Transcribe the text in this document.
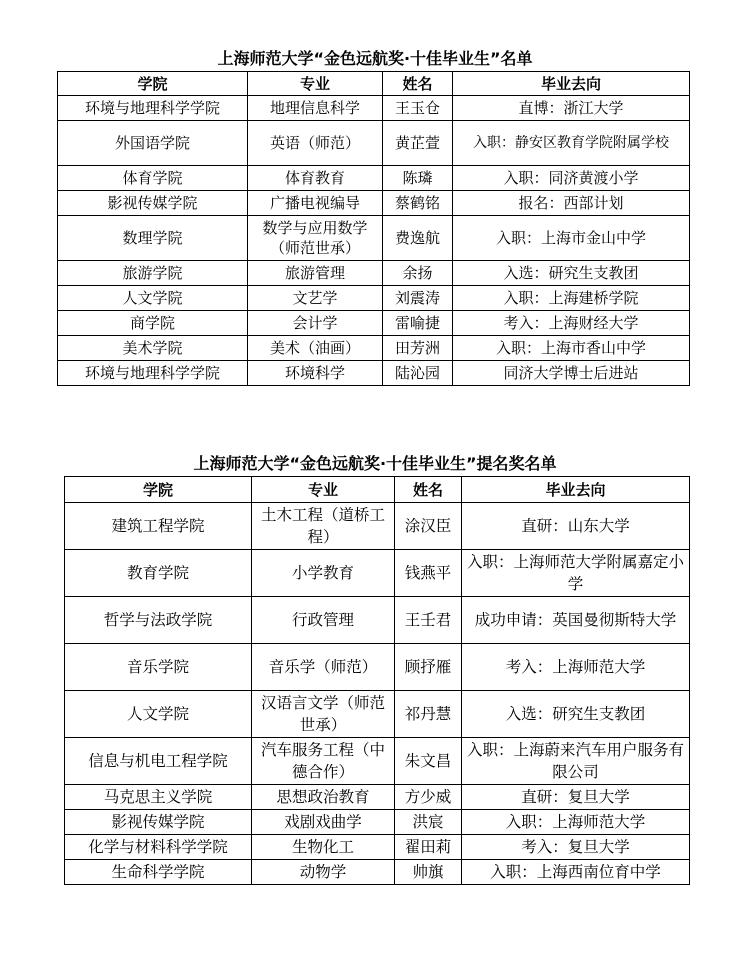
上海师范大学“金色远航奖·十佳毕业生”名单
学院	专业	姓名	毕业去向
环境与地理科学学院	地理信息科学	王玉仓	直博：浙江大学
外国语学院	英语（师范）	黄芷萱	入职：静安区教育学院附属学校
体育学院	体育教育	陈璘	入职：同济黄渡小学
影视传媒学院	广播电视编导	蔡鹤铭	报名：西部计划
数理学院	数学与应用数学（师范世承）	费逸航	入职：上海市金山中学
旅游学院	旅游管理	余扬	入选：研究生支教团
人文学院	文艺学	刘震涛	入职：上海建桥学院
商学院	会计学	雷喻捷	考入：上海财经大学
美术学院	美术（油画）	田芳洲	入职：上海市香山中学
环境与地理科学学院	环境科学	陆沁园	同济大学博士后进站
上海师范大学“金色远航奖·十佳毕业生”提名奖名单
学院	专业	姓名	毕业去向
建筑工程学院	土木工程（道桥工程）	涂汉臣	直研：山东大学
教育学院	小学教育	钱燕平	入职：上海师范大学附属嘉定小学
哲学与法政学院	行政管理	王壬君	成功申请：英国曼彻斯特大学
音乐学院	音乐学（师范）	顾抒雁	考入：上海师范大学
人文学院	汉语言文学（师范世承）	祁丹慧	入选：研究生支教团
信息与机电工程学院	汽车服务工程（中德合作）	朱文昌	入职：上海蔚来汽车用户服务有限公司
马克思主义学院	思想政治教育	方少威	直研：复旦大学
影视传媒学院	戏剧戏曲学	洪宸	入职：上海师范大学
化学与材料科学学院	生物化工	翟田莉	考入：复旦大学
生命科学学院	动物学	帅旗	入职：上海西南位育中学
